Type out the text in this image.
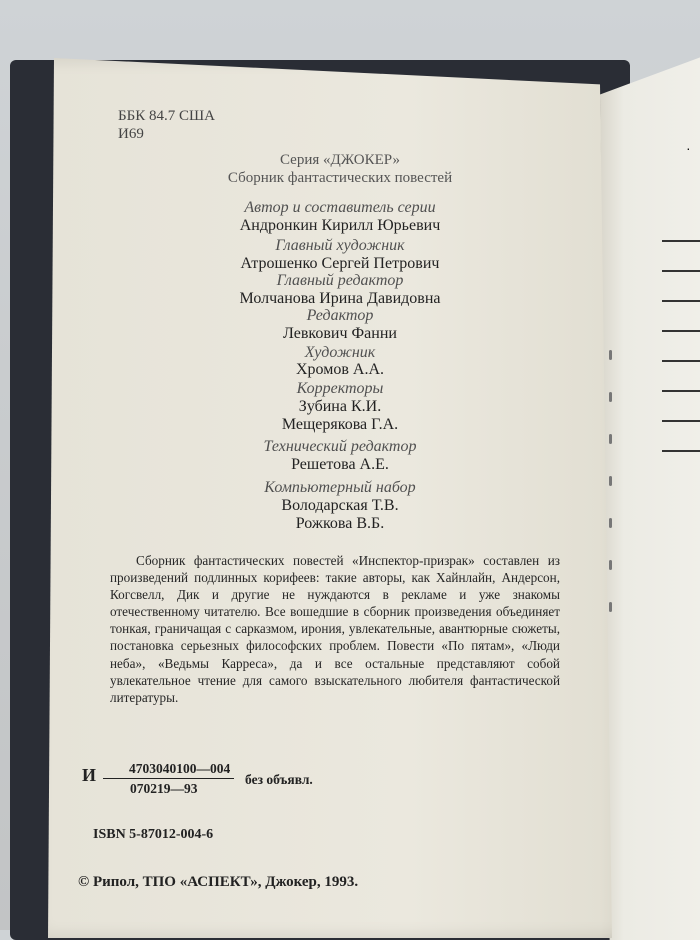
ББК 84.7 США
И69
Серия «ДЖОКЕР»
Сборник фантастических повестей
Автор и составитель серии
Андронкин Кирилл Юрьевич
Главный художник
Атрошенко Сергей Петрович
Главный редактор
Молчанова Ирина Давидовна
Редактор
Левкович Фанни
Художник
Хромов А.А.
Корректоры
Зубина К.И.
Мещерякова Г.А.
Технический редактор
Решетова А.Е.
Компьютерный набор
Володарская Т.В.
Рожкова В.Б.
Сборник фантастических повестей «Инспектор-призрак» составлен из произведений подлинных корифеев: такие авторы, как Хайнлайн, Андерсон, Когсвелл, Дик и другие не нуждаются в рекламе и уже знакомы отечественному читателю. Все вошедшие в сборник произведения объединяет тонкая, граничащая с сарказмом, ирония, увлекательные, авантюрные сюжеты, постановка серьезных философских проблем. Повести «По пятам», «Люди неба», «Ведьмы Карреса», да и все остальные представляют собой увлекательное чтение для самого взыскательного любителя фантастической литературы.
И	4703040100—004
070219—93
без объявл.
ISBN 5-87012-004-6
© Рипол, ТПО «АСПЕКТ», Джокер, 1993.
·
